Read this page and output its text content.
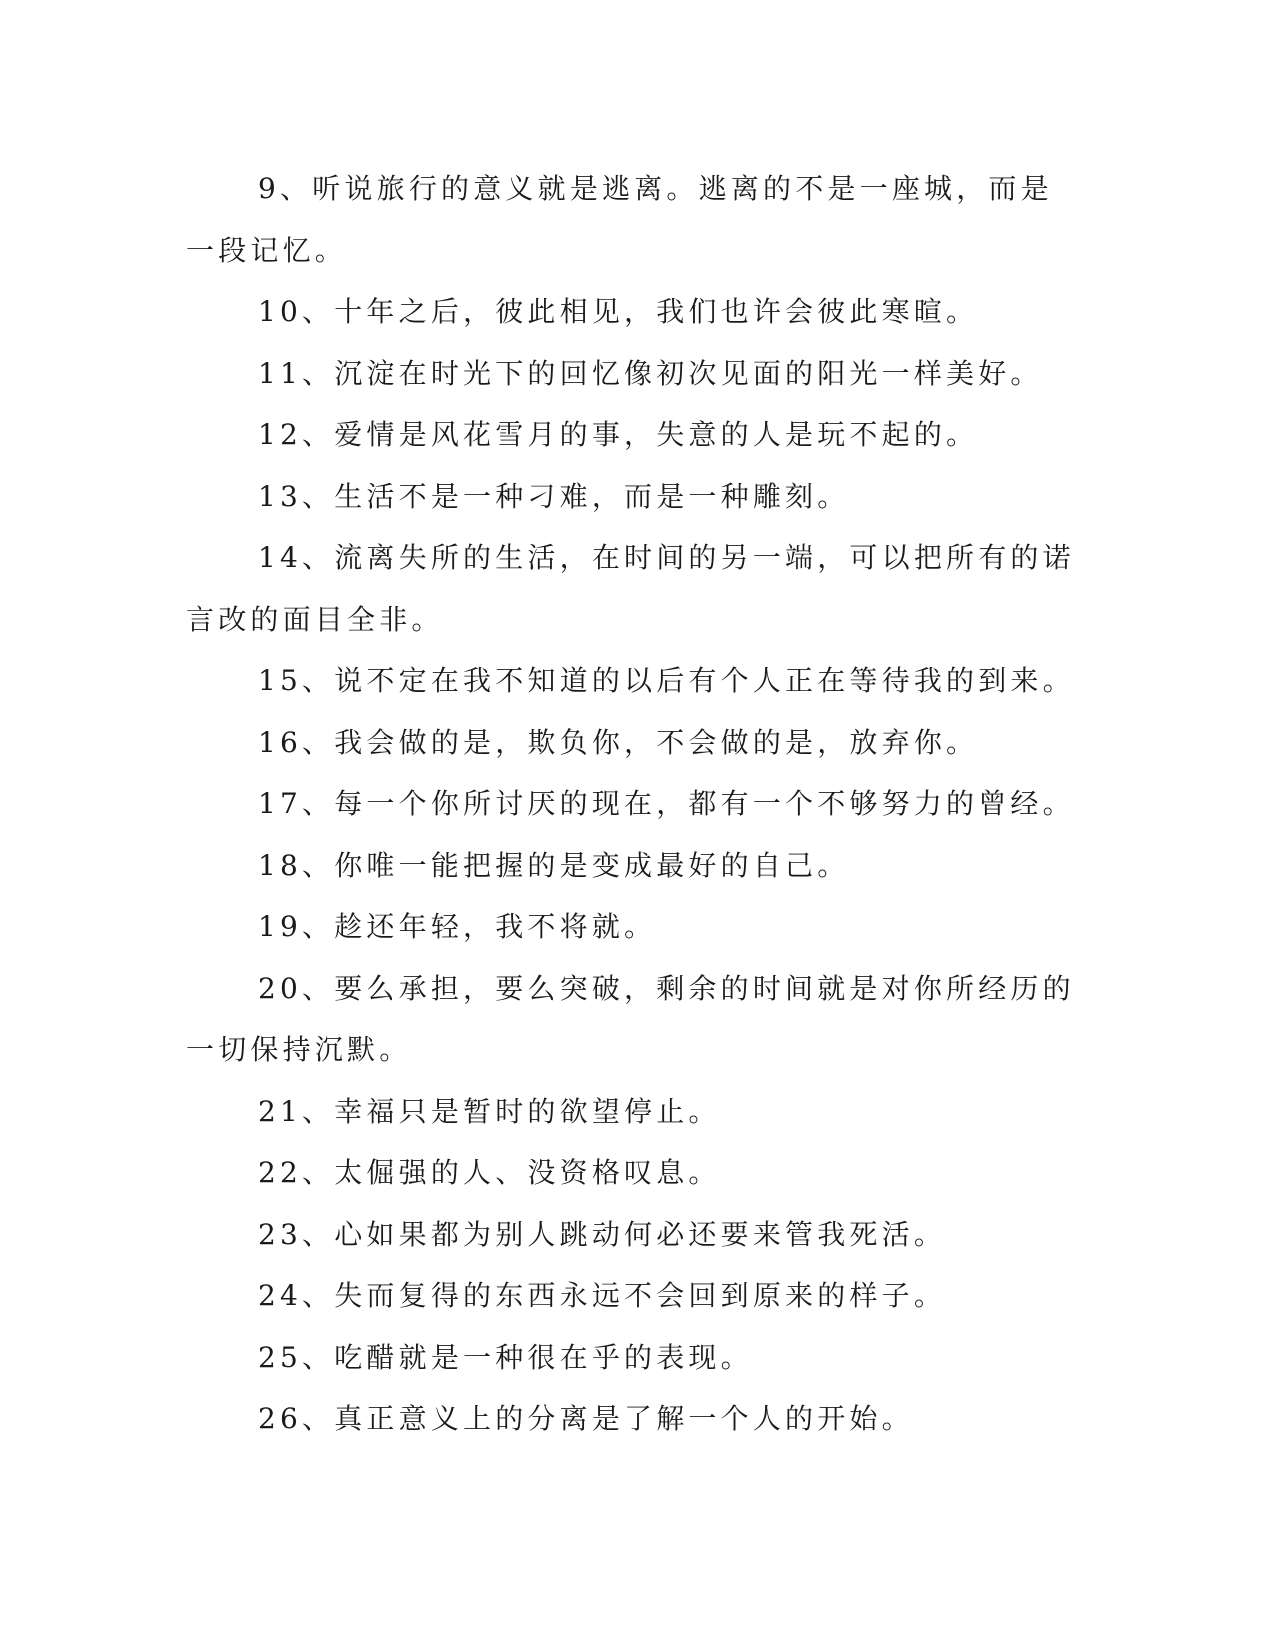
9、听说旅行的意义就是逃离。逃离的不是一座城，而是一段记忆。

10、十年之后，彼此相见，我们也许会彼此寒暄。

11、沉淀在时光下的回忆像初次见面的阳光一样美好。

12、爱情是风花雪月的事，失意的人是玩不起的。

13、生活不是一种刁难，而是一种雕刻。

14、流离失所的生活，在时间的另一端，可以把所有的诺言改的面目全非。

15、说不定在我不知道的以后有个人正在等待我的到来。

16、我会做的是，欺负你，不会做的是，放弃你。

17、每一个你所讨厌的现在，都有一个不够努力的曾经。

18、你唯一能把握的是变成最好的自己。

19、趁还年轻，我不将就。

20、要么承担，要么突破，剩余的时间就是对你所经历的一切保持沉默。

21、幸福只是暂时的欲望停止。

22、太倔强的人、没资格叹息。

23、心如果都为别人跳动何必还要来管我死活。

24、失而复得的东西永远不会回到原来的样子。

25、吃醋就是一种很在乎的表现。

26、真正意义上的分离是了解一个人的开始。
